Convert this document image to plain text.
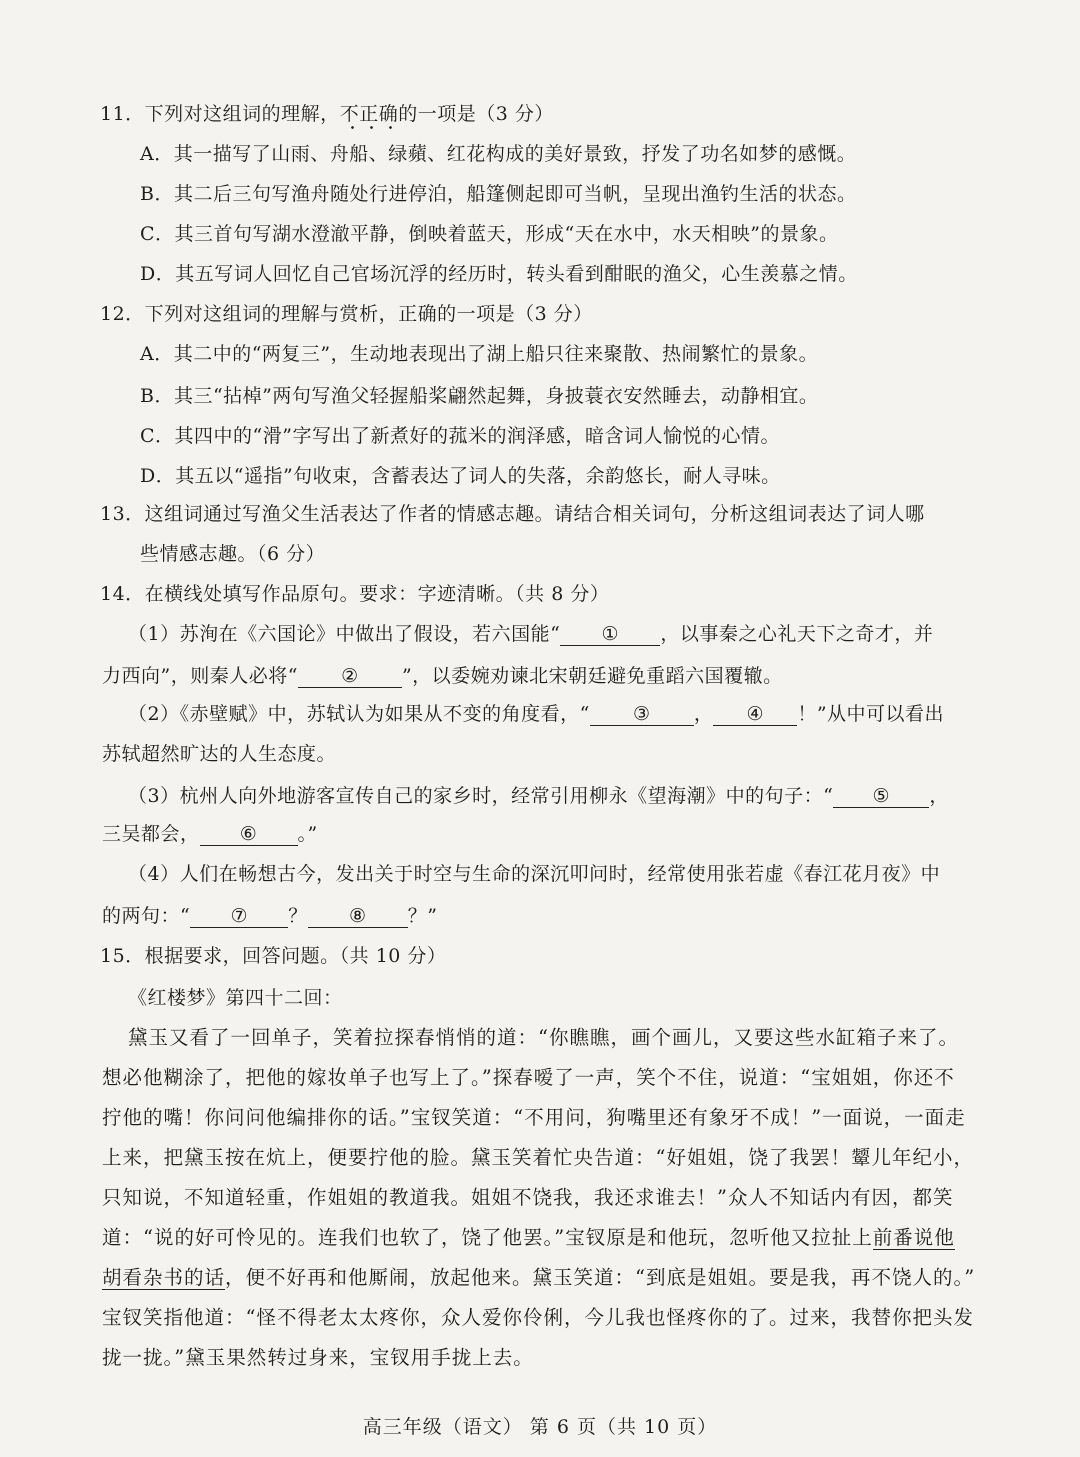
11．下列对这组词的理解，不正确的一项是（3 分）
A．其一描写了山雨、舟船、绿蘋、红花构成的美好景致，抒发了功名如梦的感慨。
B．其二后三句写渔舟随处行进停泊，船篷侧起即可当帆，呈现出渔钓生活的状态。
C．其三首句写湖水澄澈平静，倒映着蓝天，形成“天在水中，水天相映”的景象。
D．其五写词人回忆自己官场沉浮的经历时，转头看到酣眠的渔父，心生羡慕之情。
12．下列对这组词的理解与赏析，正确的一项是（3 分）
A．其二中的“两复三”，生动地表现出了湖上船只往来聚散、热闹繁忙的景象。
B．其三“拈棹”两句写渔父轻握船桨翩然起舞，身披蓑衣安然睡去，动静相宜。
C．其四中的“滑”字写出了新煮好的菰米的润泽感，暗含词人愉悦的心情。
D．其五以“遥指”句收束，含蓄表达了词人的失落，余韵悠长，耐人寻味。
13．这组词通过写渔父生活表达了作者的情感志趣。请结合相关词句，分析这组词表达了词人哪
些情感志趣。（6 分）
14．在横线处填写作品原句。要求：字迹清晰。（共 8 分）
（1）苏洵在《六国论》中做出了假设，若六国能“ ① ，以事秦之心礼天下之奇才，并
力西向”，则秦人必将“ ② ”，以委婉劝谏北宋朝廷避免重蹈六国覆辙。
（2）《赤壁赋》中，苏轼认为如果从不变的角度看，“ ③ ， ④ ！”从中可以看出
苏轼超然旷达的人生态度。
（3）杭州人向外地游客宣传自己的家乡时，经常引用柳永《望海潮》中的句子：“ ⑤ ，
三吴都会， ⑥ 。”
（4）人们在畅想古今，发出关于时空与生命的深沉叩问时，经常使用张若虚《春江花月夜》中
的两句：“ ⑦ ？ ⑧ ？”
15．根据要求，回答问题。（共 10 分）
《红楼梦》第四十二回：
黛玉又看了一回单子，笑着拉探春悄悄的道：“你瞧瞧，画个画儿，又要这些水缸箱子来了。
想必他糊涂了，把他的嫁妆单子也写上了。”探春嗳了一声，笑个不住，说道：“宝姐姐，你还不
拧他的嘴！你问问他编排你的话。”宝钗笑道：“不用问，狗嘴里还有象牙不成！”一面说，一面走
上来，把黛玉按在炕上，便要拧他的脸。黛玉笑着忙央告道：“好姐姐，饶了我罢！颦儿年纪小，
只知说，不知道轻重，作姐姐的教道我。姐姐不饶我，我还求谁去！”众人不知话内有因，都笑
道：“说的好可怜见的。连我们也软了，饶了他罢。”宝钗原是和他玩，忽听他又拉扯上前番说他
胡看杂书的话，便不好再和他厮闹，放起他来。黛玉笑道：“到底是姐姐。要是我，再不饶人的。”
宝钗笑指他道：“怪不得老太太疼你，众人爱你伶俐，今儿我也怪疼你的了。过来，我替你把头发
拢一拢。”黛玉果然转过身来，宝钗用手拢上去。
高三年级（语文） 第 6 页（共 10 页）
